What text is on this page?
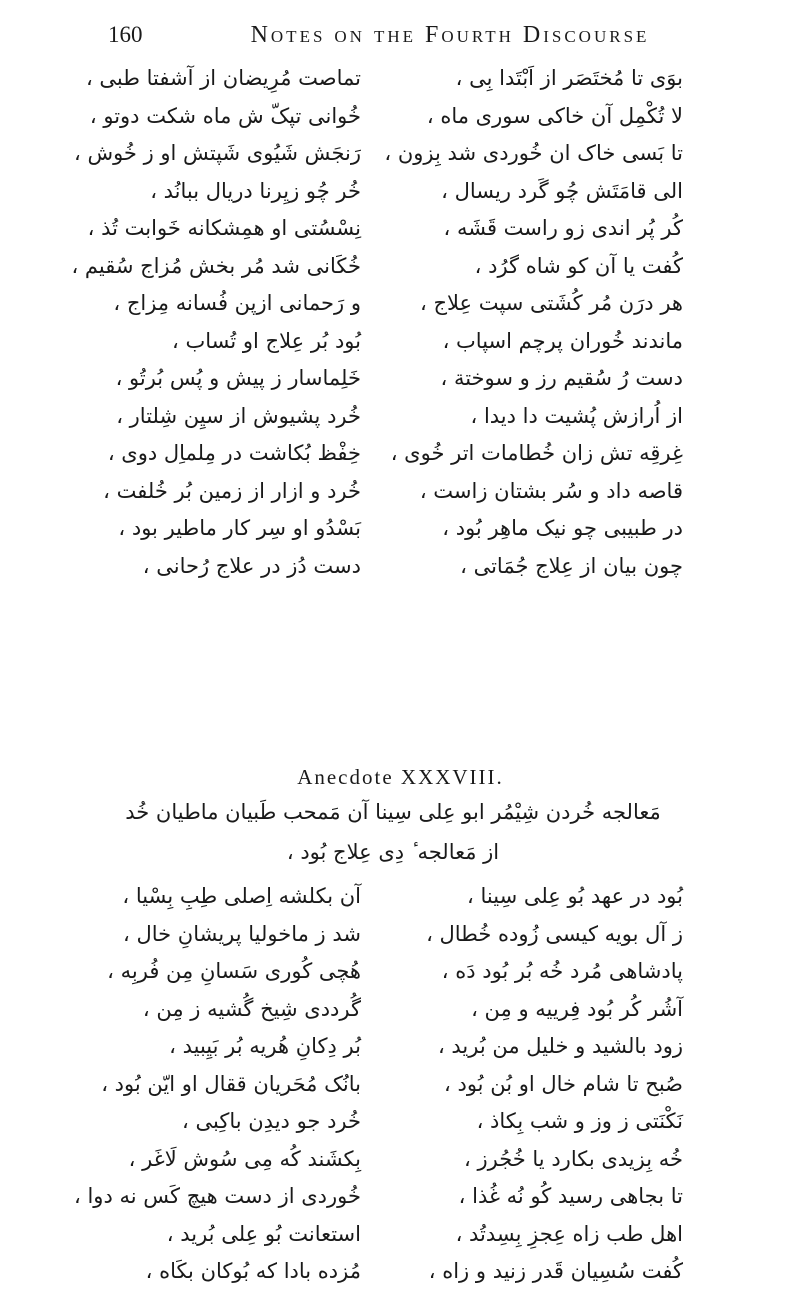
160	Notes on the Fourth Discourse
بوَی تا مُختَصَر از اَبْتَدا بِی ،
لا تُکْمِل آن خاکی سوری ماه ،
تا بَسی خاک ان خُوردی شد بِزون ،
الی قامَتَش چُو گَرد ریسال ،
کُر پُر اندی زو راست قَشَه ،
کُفت یا آن کو شاه گرُد ،
هر درَن مُر کُشَتی سپت عِلاج ،
ماندند خُوران پرچم اسپاب ،
دست رُ سُقیم رز و سوختة ،
از اُرازش پُشیت دا دیدا ،
غِرقِه تش زان خُطامات اتر خُوی ،
قاصه داد و سُر بشتان زاست ،
در طبیبی چو نیک ماهِر بُود ،
چون بیان از عِلاج جُمَاتی ،
تماصت مُرِیضان از آشفتا طبی ،
خُوانی تپکّ ش ماه شکت دوتو ،
رَنجَش شَیُوی شَپتش او ز خُوش ،
خُر چُو زیِرنا دریال ببانُد ،
نِسْسُتی او همِشکانه خَوابت تُذ ،
خُکَانی شد مُر بخش مُزاج سُقیم ،
و رَحمانی ازپن فُسانه مِزاج ،
بُود بُر عِلاج او تُساب ،
خَلِماسار ز پیش و پُس بُرتُو ،
خُرد پشیوش از سیِن شِلتار ،
خِفْظ بُکاشت در مِلماِل دوی ،
خُرد و ازار از زمین بُر خُلفت ،
بَسْدُو او سِر کار ماطیر بود ،
دست دُز در علاج رُحانی ،
Anecdote XXXVIII.
مَعالجه خُردن شِیْمُر ابو عِلی سِینا آن مَمحب طَبیان ماطیان خُد
از مَعالجه ٔ دِی عِلاج بُود ،
بُود در عهد بُو عِلی سِینا ،
ز آل بویه کیسی زُوده خُطال ،
پادشاهی مُرد خُه بُر بُود دَه ،
آشُر کُر بُود فِرییه و مِن ،
زود بالشید و خلیل من بُرید ،
صُبح تا شام خال او بُن بُود ،
نَکْنَتی ز وز و شب بِکاذ ،
خُه بِزیدی بکارد یا خُجُرز ،
تا بجاهی رسید کُو نُه غُذا ،
اهل طب زاه عِجزِ بِسِدتُد ،
کُفت سُسِیان قَدر زنید و زاه ،
آن بکلشه اِصلی طِبِ بِسْیا ،
شد ز ماخولیا پریشانِ خال ،
هُچی کُوری سَسانِ مِن فُربِه ،
گُرددی شِیخ گُشیه ز مِن ،
بُر دِکانِ هُریه بُر بَیِبید ،
بانُک مُحَریان ققال او ایّن بُود ،
خُرد جو دیدِن باکِبی ،
بِکشَند کُه مِی سُوش لَاغَر ،
خُوردی از دست هیچ کَس نه دوا ،
استعانت بُو عِلی بُرید ،
مُزده بادا که بُوکان بکَاه ،
